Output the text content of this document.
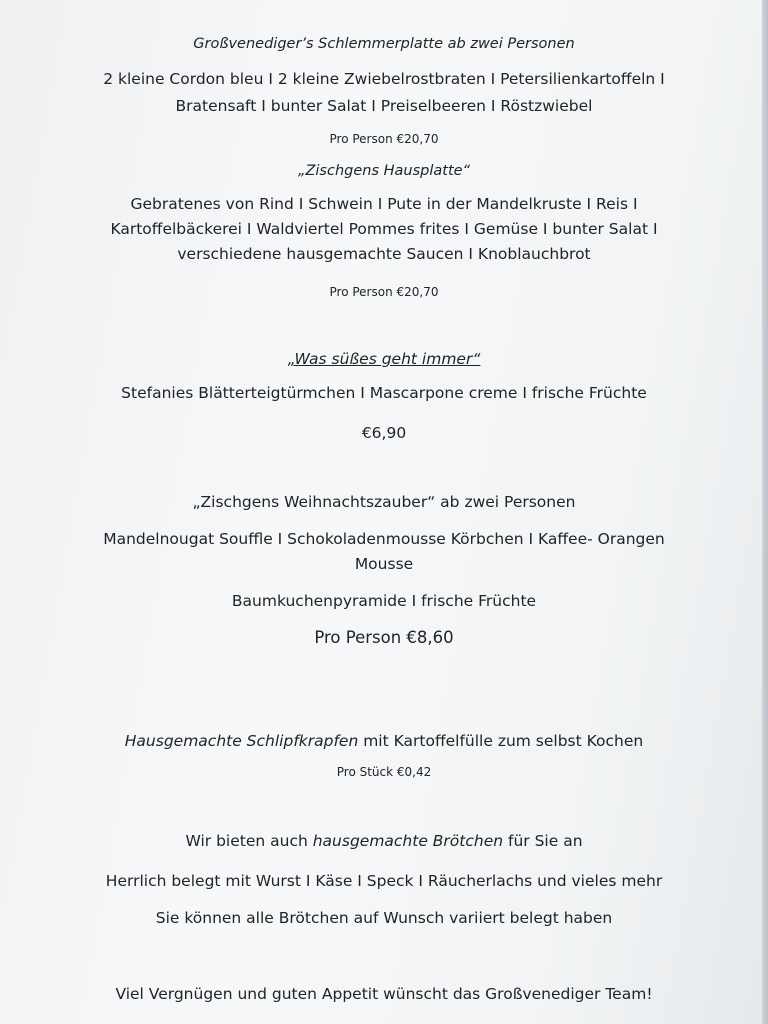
Großvenediger’s Schlemmerplatte ab zwei Personen
2 kleine Cordon bleu I 2 kleine Zwiebelrostbraten I Petersilienkartoffeln I
Bratensaft I bunter Salat I Preiselbeeren I Röstzwiebel
Pro Person €20,70
„Zischgens Hausplatte“
Gebratenes von Rind I Schwein I Pute in der Mandelkruste I Reis I
Kartoffelbäckerei I Waldviertel Pommes frites I Gemüse I bunter Salat I
verschiedene hausgemachte Saucen I Knoblauchbrot
Pro Person €20,70
„Was süßes geht immer“
Stefanies Blätterteigtürmchen I Mascarpone creme I frische Früchte
€6,90
„Zischgens Weihnachtszauber“ ab zwei Personen
Mandelnougat Souffle I Schokoladenmousse Körbchen I Kaffee- Orangen
Mousse
Baumkuchenpyramide I frische Früchte
Pro Person €8,60
Hausgemachte Schlipfkrapfen mit Kartoffelfülle zum selbst Kochen
Pro Stück €0,42
Wir bieten auch hausgemachte Brötchen für Sie an
Herrlich belegt mit Wurst I Käse I Speck I Räucherlachs und vieles mehr
Sie können alle Brötchen auf Wunsch variiert belegt haben
Viel Vergnügen und guten Appetit wünscht das Großvenediger Team!
